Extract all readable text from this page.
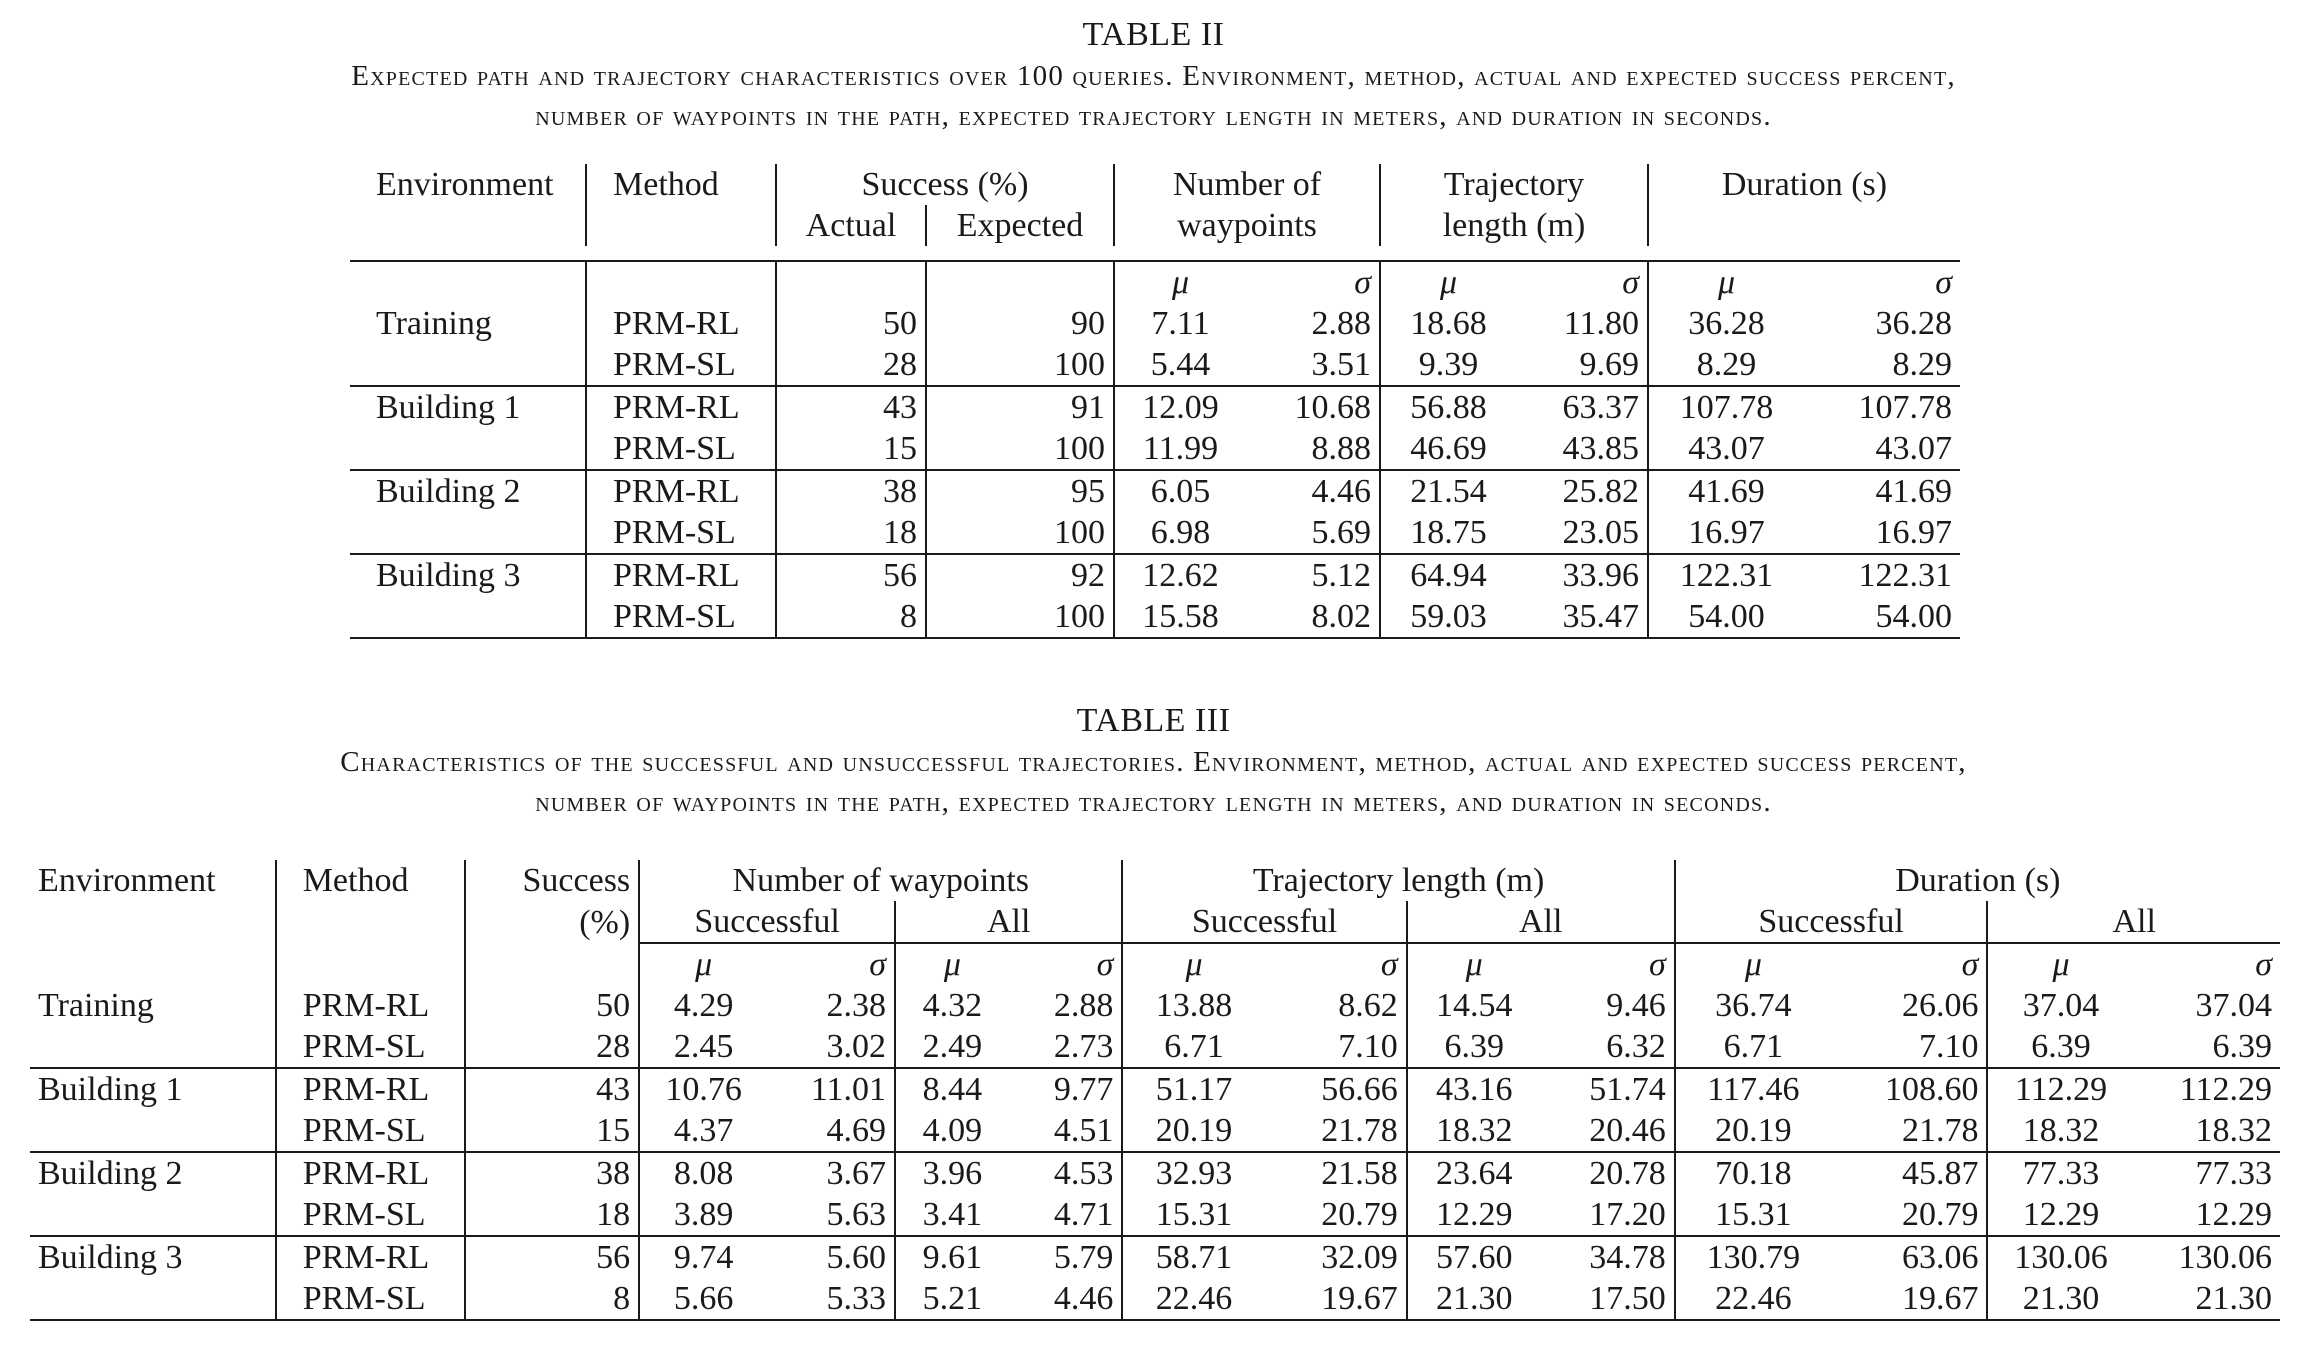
TABLE II
Expected path and trajectory characteristics over 100 queries. Environment, method, actual and expected success percent,
number of waypoints in the path, expected trajectory length in meters, and duration in seconds.
Environment	Method	Success (%)		Number of		Trajectory		Duration (s)	
		Actual	Expected	waypoints		length (m)			

				μ	σ	μ	σ	μ	σ
Training	PRM-RL	50	90	7.11	2.88	18.68	11.80	36.28	36.28
	PRM-SL	28	100	5.44	3.51	9.39	9.69	8.29	8.29
Building 1	PRM-RL	43	91	12.09	10.68	56.88	63.37	107.78	107.78
	PRM-SL	15	100	11.99	8.88	46.69	43.85	43.07	43.07
Building 2	PRM-RL	38	95	6.05	4.46	21.54	25.82	41.69	41.69
	PRM-SL	18	100	6.98	5.69	18.75	23.05	16.97	16.97
Building 3	PRM-RL	56	92	12.62	5.12	64.94	33.96	122.31	122.31
	PRM-SL	8	100	15.58	8.02	59.03	35.47	54.00	54.00
TABLE III
Characteristics of the successful and unsuccessful trajectories. Environment, method, actual and expected success percent,
number of waypoints in the path, expected trajectory length in meters, and duration in seconds.
Environment	Method	Success	Number of waypoints				Trajectory length (m)				Duration (s)			
		(%)	Successful		All		Successful		All		Successful		All	
			μ	σ	μ	σ	μ	σ	μ	σ	μ	σ	μ	σ
Training	PRM-RL	50	4.29	2.38	4.32	2.88	13.88	8.62	14.54	9.46	36.74	26.06	37.04	37.04
	PRM-SL	28	2.45	3.02	2.49	2.73	6.71	7.10	6.39	6.32	6.71	7.10	6.39	6.39
Building 1	PRM-RL	43	10.76	11.01	8.44	9.77	51.17	56.66	43.16	51.74	117.46	108.60	112.29	112.29
	PRM-SL	15	4.37	4.69	4.09	4.51	20.19	21.78	18.32	20.46	20.19	21.78	18.32	18.32
Building 2	PRM-RL	38	8.08	3.67	3.96	4.53	32.93	21.58	23.64	20.78	70.18	45.87	77.33	77.33
	PRM-SL	18	3.89	5.63	3.41	4.71	15.31	20.79	12.29	17.20	15.31	20.79	12.29	12.29
Building 3	PRM-RL	56	9.74	5.60	9.61	5.79	58.71	32.09	57.60	34.78	130.79	63.06	130.06	130.06
	PRM-SL	8	5.66	5.33	5.21	4.46	22.46	19.67	21.30	17.50	22.46	19.67	21.30	21.30
